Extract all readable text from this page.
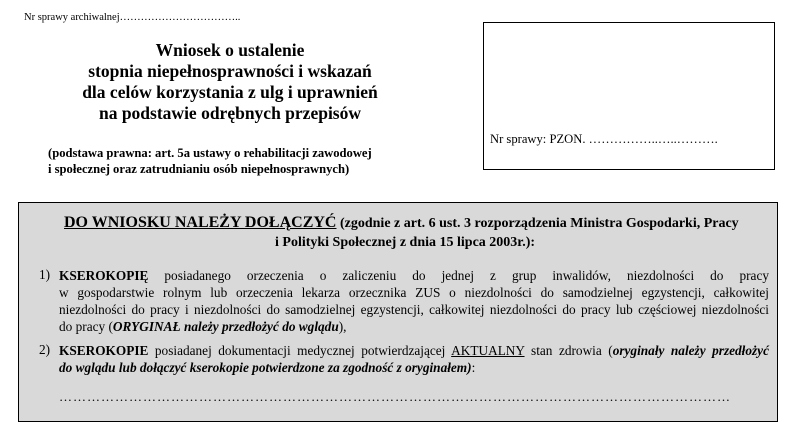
Nr sprawy archiwalnej……………………………..
Wniosek o ustalenie
stopnia niepełnosprawności i wskazań
dla celów korzystania z ulg i uprawnień
na podstawie odrębnych przepisów
(podstawa prawna: art. 5a ustawy o rehabilitacji zawodowej
i społecznej oraz zatrudnianiu osób niepełnosprawnych)
Nr sprawy: PZON. ……………..…..……….
DO WNIOSKU NALEŻY DOŁĄCZYĆ (zgodnie z art. 6 ust. 3 rozporządzenia Ministra Gospodarki, Pracy
i Polityki Społecznej z dnia 15 lipca 2003r.):
1) KSEROKOPIĘ posiadanego orzeczenia o zaliczeniu do jednej z grup inwalidów, niezdolności do pracy
w gospodarstwie rolnym lub orzeczenia lekarza orzecznika ZUS o niezdolności do samodzielnej egzystencji, całkowitej
niezdolności do pracy i niezdolności do samodzielnej egzystencji, całkowitej niezdolności do pracy lub częściowej niezdolności
do pracy (ORYGINAŁ należy przedłożyć do wglądu),
2) KSEROKOPIE posiadanej dokumentacji medycznej potwierdzającej AKTUALNY stan zdrowia (oryginały należy przedłożyć
do wglądu lub dołączyć kserokopie potwierdzone za zgodność z oryginałem):
………………………………………………………………………………………………………………………………
